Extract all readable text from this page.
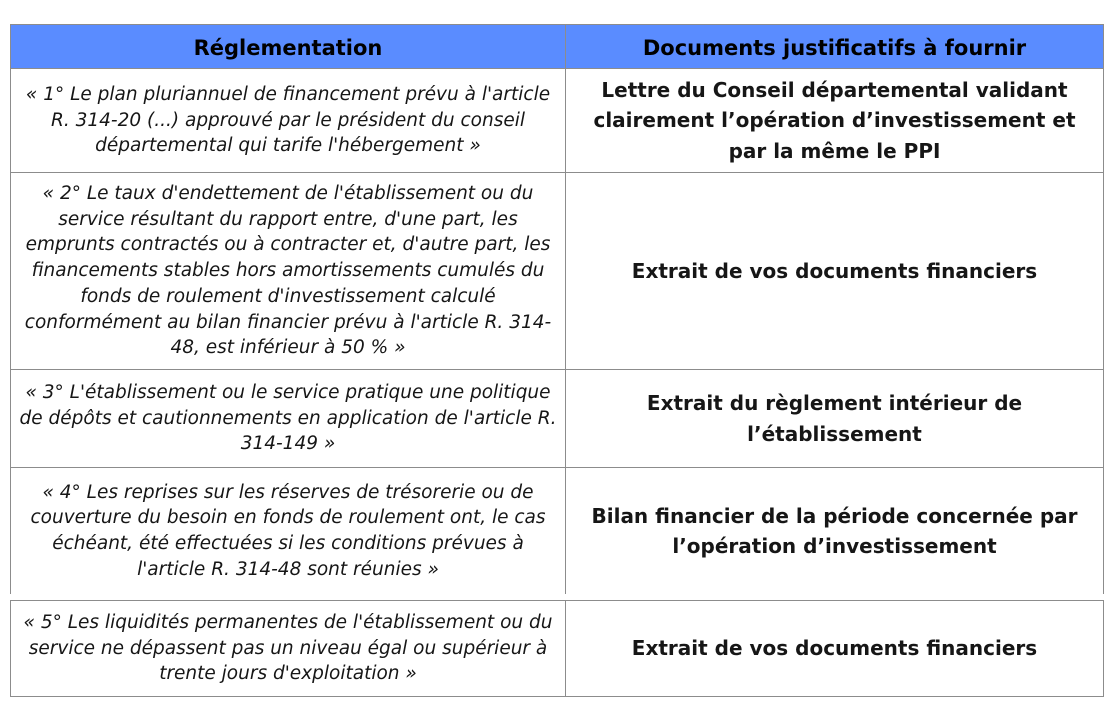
Réglementation	Documents justificatifs à fournir
« 1° Le plan pluriannuel de financement prévu à l'article R. 314-20 (...) approuvé par le président du conseil départemental qui tarife l'hébergement »	Lettre du Conseil départemental validant clairement l’opération d’investissement et par la même le PPI
« 2° Le taux d'endettement de l'établissement ou du service résultant du rapport entre, d'une part, les emprunts contractés ou à contracter et, d'autre part, les financements stables hors amortissements cumulés du fonds de roulement d'investissement calculé conformément au bilan financier prévu à l'article R. 314-48, est inférieur à 50 % »	Extrait de vos documents financiers
« 3° L'établissement ou le service pratique une politique de dépôts et cautionnements en application de l'article R. 314-149 »	Extrait du règlement intérieur de l’établissement
« 4° Les reprises sur les réserves de trésorerie ou de couverture du besoin en fonds de roulement ont, le cas échéant, été effectuées si les conditions prévues à l'article R. 314-48 sont réunies »	Bilan financier de la période concernée par l’opération d’investissement
« 5° Les liquidités permanentes de l'établissement ou du service ne dépassent pas un niveau égal ou supérieur à trente jours d'exploitation »	Extrait de vos documents financiers
